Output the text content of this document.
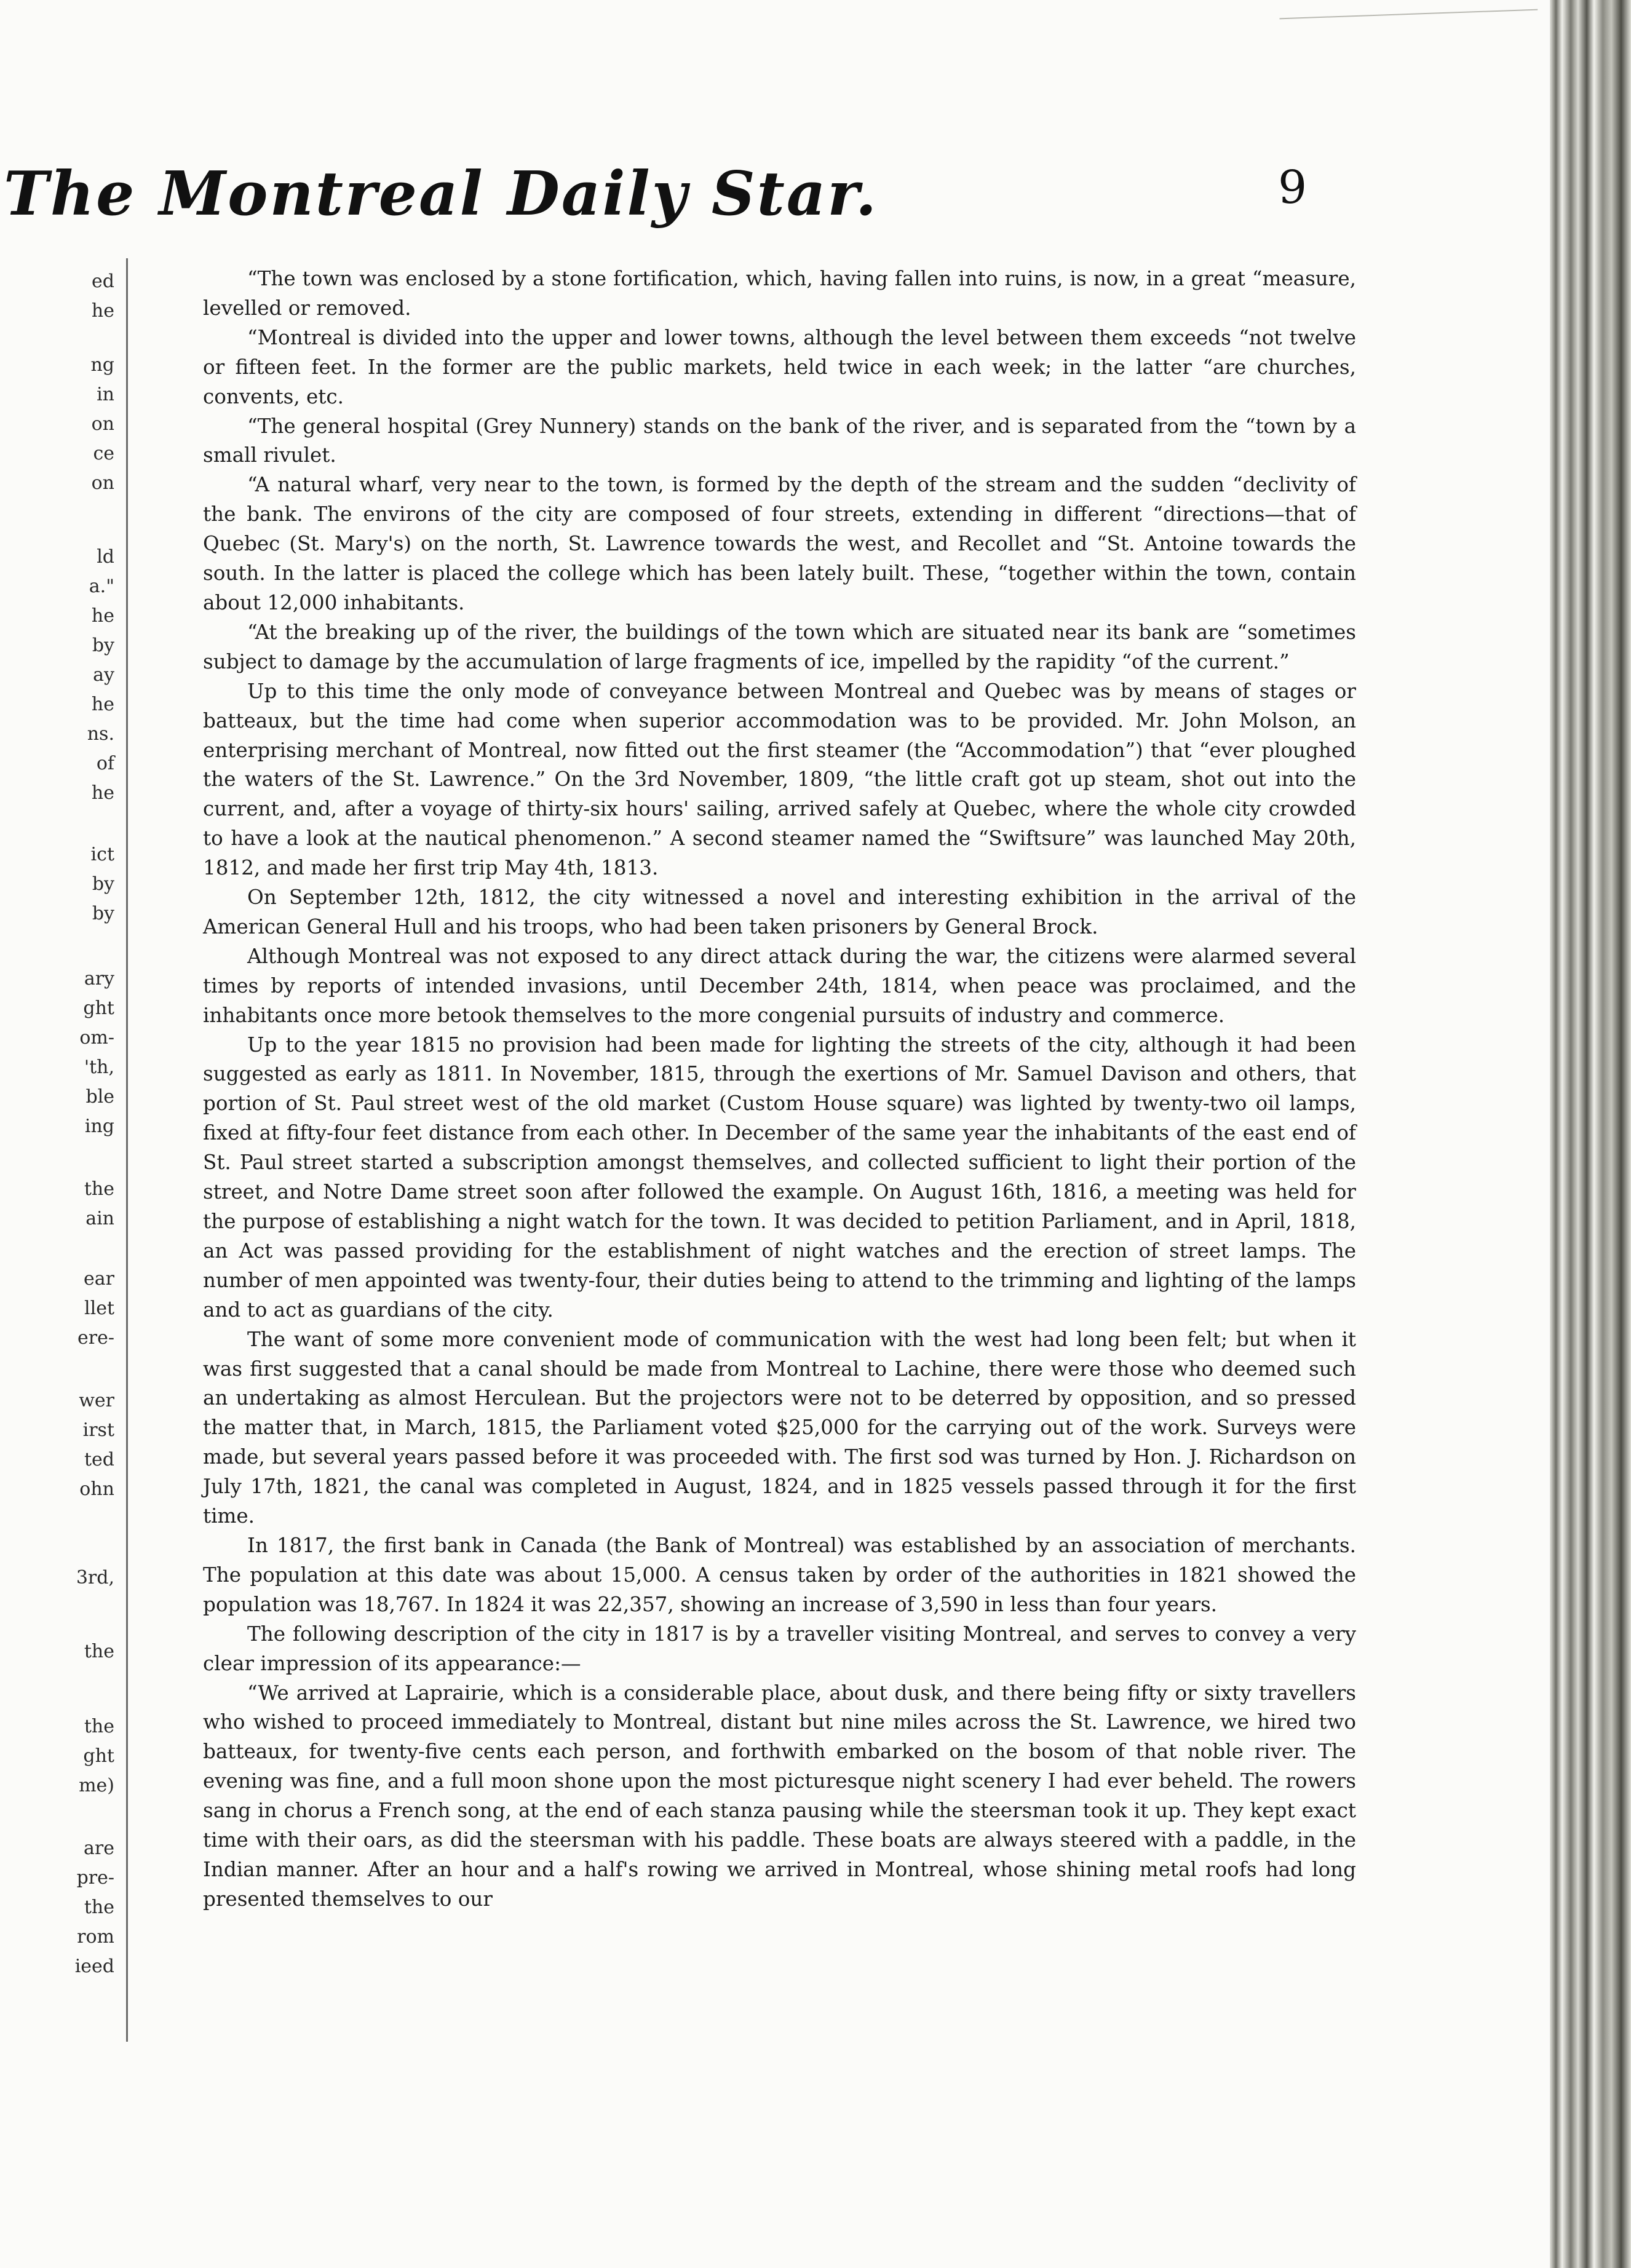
The Montreal Daily Star.	9
ed
he
ng
in
on
ce
on
ld
a."
he
by
ay
he
ns.
of
he
ict
by
by
ary
ght
om-
'th,
ble
ing
the
ain
ear
llet
ere-
wer
irst
ted
ohn
3rd,
the
the
ght
me)
are
pre-
the
rom
ieed

“The town was enclosed by a stone fortification, which, having fallen into ruins, is now, in a great “measure, levelled or removed.

“Montreal is divided into the upper and lower towns, although the level between them exceeds “not twelve or fifteen feet. In the former are the public markets, held twice in each week; in the latter “are churches, convents, etc.

“The general hospital (Grey Nunnery) stands on the bank of the river, and is separated from the “town by a small rivulet.

“A natural wharf, very near to the town, is formed by the depth of the stream and the sudden “declivity of the bank. The environs of the city are composed of four streets, extending in different “directions—that of Quebec (St. Mary's) on the north, St. Lawrence towards the west, and Recollet and “St. Antoine towards the south. In the latter is placed the college which has been lately built. These, “together within the town, contain about 12,000 inhabitants.

“At the breaking up of the river, the buildings of the town which are situated near its bank are “sometimes subject to damage by the accumulation of large fragments of ice, impelled by the rapidity “of the current.”

Up to this time the only mode of conveyance between Montreal and Quebec was by means of stages or batteaux, but the time had come when superior accommodation was to be provided. Mr. John Molson, an enterprising merchant of Montreal, now fitted out the first steamer (the “Accommodation”) that “ever ploughed the waters of the St. Lawrence.” On the 3rd November, 1809, “the little craft got up steam, shot out into the current, and, after a voyage of thirty-six hours' sailing, arrived safely at Quebec, where the whole city crowded to have a look at the nautical phenomenon.” A second steamer named the “Swiftsure” was launched May 20th, 1812, and made her first trip May 4th, 1813.

On September 12th, 1812, the city witnessed a novel and interesting exhibition in the arrival of the American General Hull and his troops, who had been taken prisoners by General Brock.

Although Montreal was not exposed to any direct attack during the war, the citizens were alarmed several times by reports of intended invasions, until December 24th, 1814, when peace was proclaimed, and the inhabitants once more betook themselves to the more congenial pursuits of industry and commerce.

Up to the year 1815 no provision had been made for lighting the streets of the city, although it had been suggested as early as 1811. In November, 1815, through the exertions of Mr. Samuel Davison and others, that portion of St. Paul street west of the old market (Custom House square) was lighted by twenty-two oil lamps, fixed at fifty-four feet distance from each other. In December of the same year the inhabitants of the east end of St. Paul street started a subscription amongst themselves, and collected sufficient to light their portion of the street, and Notre Dame street soon after followed the example. On August 16th, 1816, a meeting was held for the purpose of establishing a night watch for the town. It was decided to petition Parliament, and in April, 1818, an Act was passed providing for the establishment of night watches and the erection of street lamps. The number of men appointed was twenty-four, their duties being to attend to the trimming and lighting of the lamps and to act as guardians of the city.

The want of some more convenient mode of communication with the west had long been felt; but when it was first suggested that a canal should be made from Montreal to Lachine, there were those who deemed such an undertaking as almost Herculean. But the projectors were not to be deterred by opposition, and so pressed the matter that, in March, 1815, the Parliament voted $25,000 for the carrying out of the work. Surveys were made, but several years passed before it was proceeded with. The first sod was turned by Hon. J. Richardson on July 17th, 1821, the canal was completed in August, 1824, and in 1825 vessels passed through it for the first time.

In 1817, the first bank in Canada (the Bank of Montreal) was established by an association of merchants. The population at this date was about 15,000. A census taken by order of the authorities in 1821 showed the population was 18,767. In 1824 it was 22,357, showing an increase of 3,590 in less than four years.

The following description of the city in 1817 is by a traveller visiting Montreal, and serves to convey a very clear impression of its appearance:—

“We arrived at Laprairie, which is a considerable place, about dusk, and there being fifty or sixty travellers who wished to proceed immediately to Montreal, distant but nine miles across the St. Lawrence, we hired two batteaux, for twenty-five cents each person, and forthwith embarked on the bosom of that noble river. The evening was fine, and a full moon shone upon the most picturesque night scenery I had ever beheld. The rowers sang in chorus a French song, at the end of each stanza pausing while the steersman took it up. They kept exact time with their oars, as did the steersman with his paddle. These boats are always steered with a paddle, in the Indian manner. After an hour and a half's rowing we arrived in Montreal, whose shining metal roofs had long presented themselves to our
